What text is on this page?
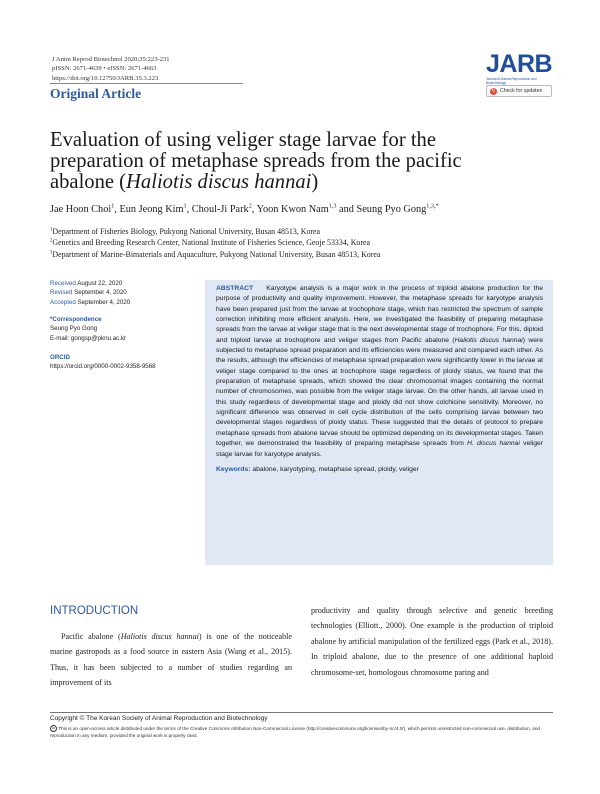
J Anim Reprod Biotechnol 2020;35:223-231
pISSN: 2671-4639 • eISSN: 2671-4663
https://doi.org/10.12750/JARB.35.3.223
Original Article
JARB
Journal of Animal Reproduction and Biotechnology
↻ Check for updates
Evaluation of using veliger stage larvae for the
preparation of metaphase spreads from the pacific
abalone (Haliotis discus hannai)
Jae Hoon Choi$^1$, Eun Jeong Kim$^1$, Choul-Ji Park$^2$, Yoon Kwon Nam$^{1,3}$ and Seung Pyo Gong$^{1,3,*}$
$^1$Department of Fisheries Biology, Pukyong National University, Busan 48513, Korea
$^2$Genetics and Breeding Research Center, National Institute of Fisheries Science, Geoje 53334, Korea
$^3$Department of Marine-Bimaterials and Aquaculture, Pukyong National University, Busan 48513, Korea
Received August 22, 2020
Revised September 4, 2020
Accepted September 4, 2020
*Correspondence
Seung Pyo Gong
E-mail: gongsp@pknu.ac.kr
ORCID
https://orcid.org/0000-0002-9358-9568
ABSTRACT Karyotype analysis is a major work in the process of triploid abalone production for the purpose of productivity and quality improvement. However, the metaphase spreads for karyotype analysis have been prepared just from the larvae at trochophore stage, which has restricted the spectrum of sample correction inhibiting more efficient analysis. Here, we investigated the feasibility of preparing metaphase spreads from the larvae at veliger stage that is the next developmental stage of trochophore. For this, diploid and triploid larvae at trochophore and veliger stages from Pacific abalone (Haliotis discus hannai) were subjected to metaphase spread preparation and its efficiencies were measured and compared each other. As the results, although the efficiencies of metaphase spread preparation were significantly lower in the larvae at veliger stage compared to the ones at trochophore stage regardless of ploidy status, we found that the preparation of metaphase spreads, which showed the clear chromosomal images containing the normal number of chromosomes, was possible from the veliger stage larvae. On the other hands, all larvae used in this study regardless of developmental stage and ploidy did not show colchicine sensitivity. Moreover, no significant difference was observed in cell cycle distribution of the cells comprising larvae between two developmental stages regardless of ploidy status. These suggested that the details of protocol to prepare metaphase spreads from abalone larvae should be optimized depending on its developmental stages. Taken together, we demonstrated the feasibility of preparing metaphase spreads from H. discus hannai veliger stage larvae for karyotype analysis.
Keywords: abalone, karyotyping, metaphase spread, ploidy, veliger
INTRODUCTION
Pacific abalone (Haliotis discus hannai) is one of the noticeable marine gastropods as a food source in eastern Asia (Wang et al., 2015). Thus, it has been subjected to a number of studies regarding an improvement of its
productivity and quality through selective and genetic breeding technologies (Elliott., 2000). One example is the production of triploid abalone by artificial manipulation of the fertilized eggs (Park et al., 2018). In triploid abalone, due to the presence of one additional haploid chromosome-set, homologous chromosome paring and
Copyright © The Korean Society of Animal Reproduction and Biotechnology
cc This is an open-access article distributed under the terms of the Creative Commons Attribution Non-Commercial License (http://creativecommons.org/licenses/by-nc/4.0/), which permits unrestricted non-commercial use, distribution, and reproduction in any medium, provided the original work is properly cited.
